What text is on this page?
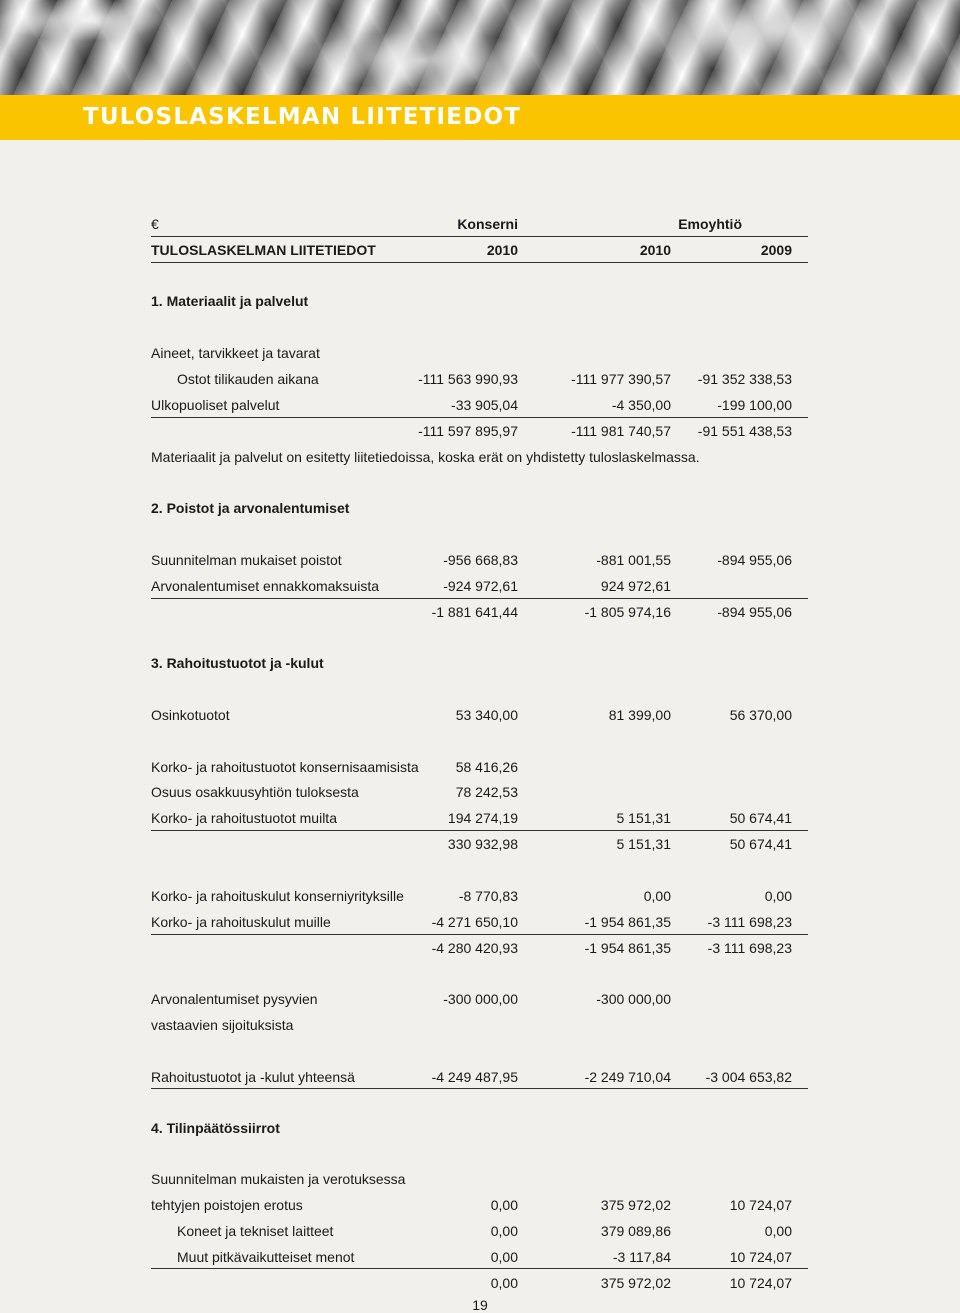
TULOSLASKELMAN LIITETIEDOT
€	Konserni	Emoyhtiö
TULOSLASKELMAN LIITETIEDOT	2010	2010	2009
1. Materiaalit ja palvelut
Aineet, tarvikkeet ja tavarat
Ostot tilikauden aikana	-111 563 990,93	-111 977 390,57	-91 352 338,53
Ulkopuoliset palvelut	-33 905,04	-4 350,00	-199 100,00
-111 597 895,97	-111 981 740,57	-91 551 438,53
Materiaalit ja palvelut on esitetty liitetiedoissa, koska erät on yhdistetty tuloslaskelmassa.
2. Poistot ja arvonalentumiset
Suunnitelman mukaiset poistot	-956 668,83	-881 001,55	-894 955,06
Arvonalentumiset ennakkomaksuista	-924 972,61	924 972,61
-1 881 641,44	-1 805 974,16	-894 955,06
3. Rahoitustuotot ja -kulut
Osinkotuotot	53 340,00	81 399,00	56 370,00
Korko- ja rahoitustuotot konsernisaamisista	58 416,26
Osuus osakkuusyhtiön tuloksesta	78 242,53
Korko- ja rahoitustuotot muilta	194 274,19	5 151,31	50 674,41
330 932,98	5 151,31	50 674,41
Korko- ja rahoituskulut konserniyrityksille	-8 770,83	0,00	0,00
Korko- ja rahoituskulut muille	-4 271 650,10	-1 954 861,35	-3 111 698,23
-4 280 420,93	-1 954 861,35	-3 111 698,23
Arvonalentumiset pysyvien	-300 000,00	-300 000,00
vastaavien sijoituksista
Rahoitustuotot ja -kulut yhteensä	-4 249 487,95	-2 249 710,04	-3 004 653,82
4. Tilinpäätössiirrot
Suunnitelman mukaisten ja verotuksessa
tehtyjen poistojen erotus	0,00	375 972,02	10 724,07
Koneet ja tekniset laitteet	0,00	379 089,86	0,00
Muut pitkävaikutteiset menot	0,00	-3 117,84	10 724,07
0,00	375 972,02	10 724,07
19
